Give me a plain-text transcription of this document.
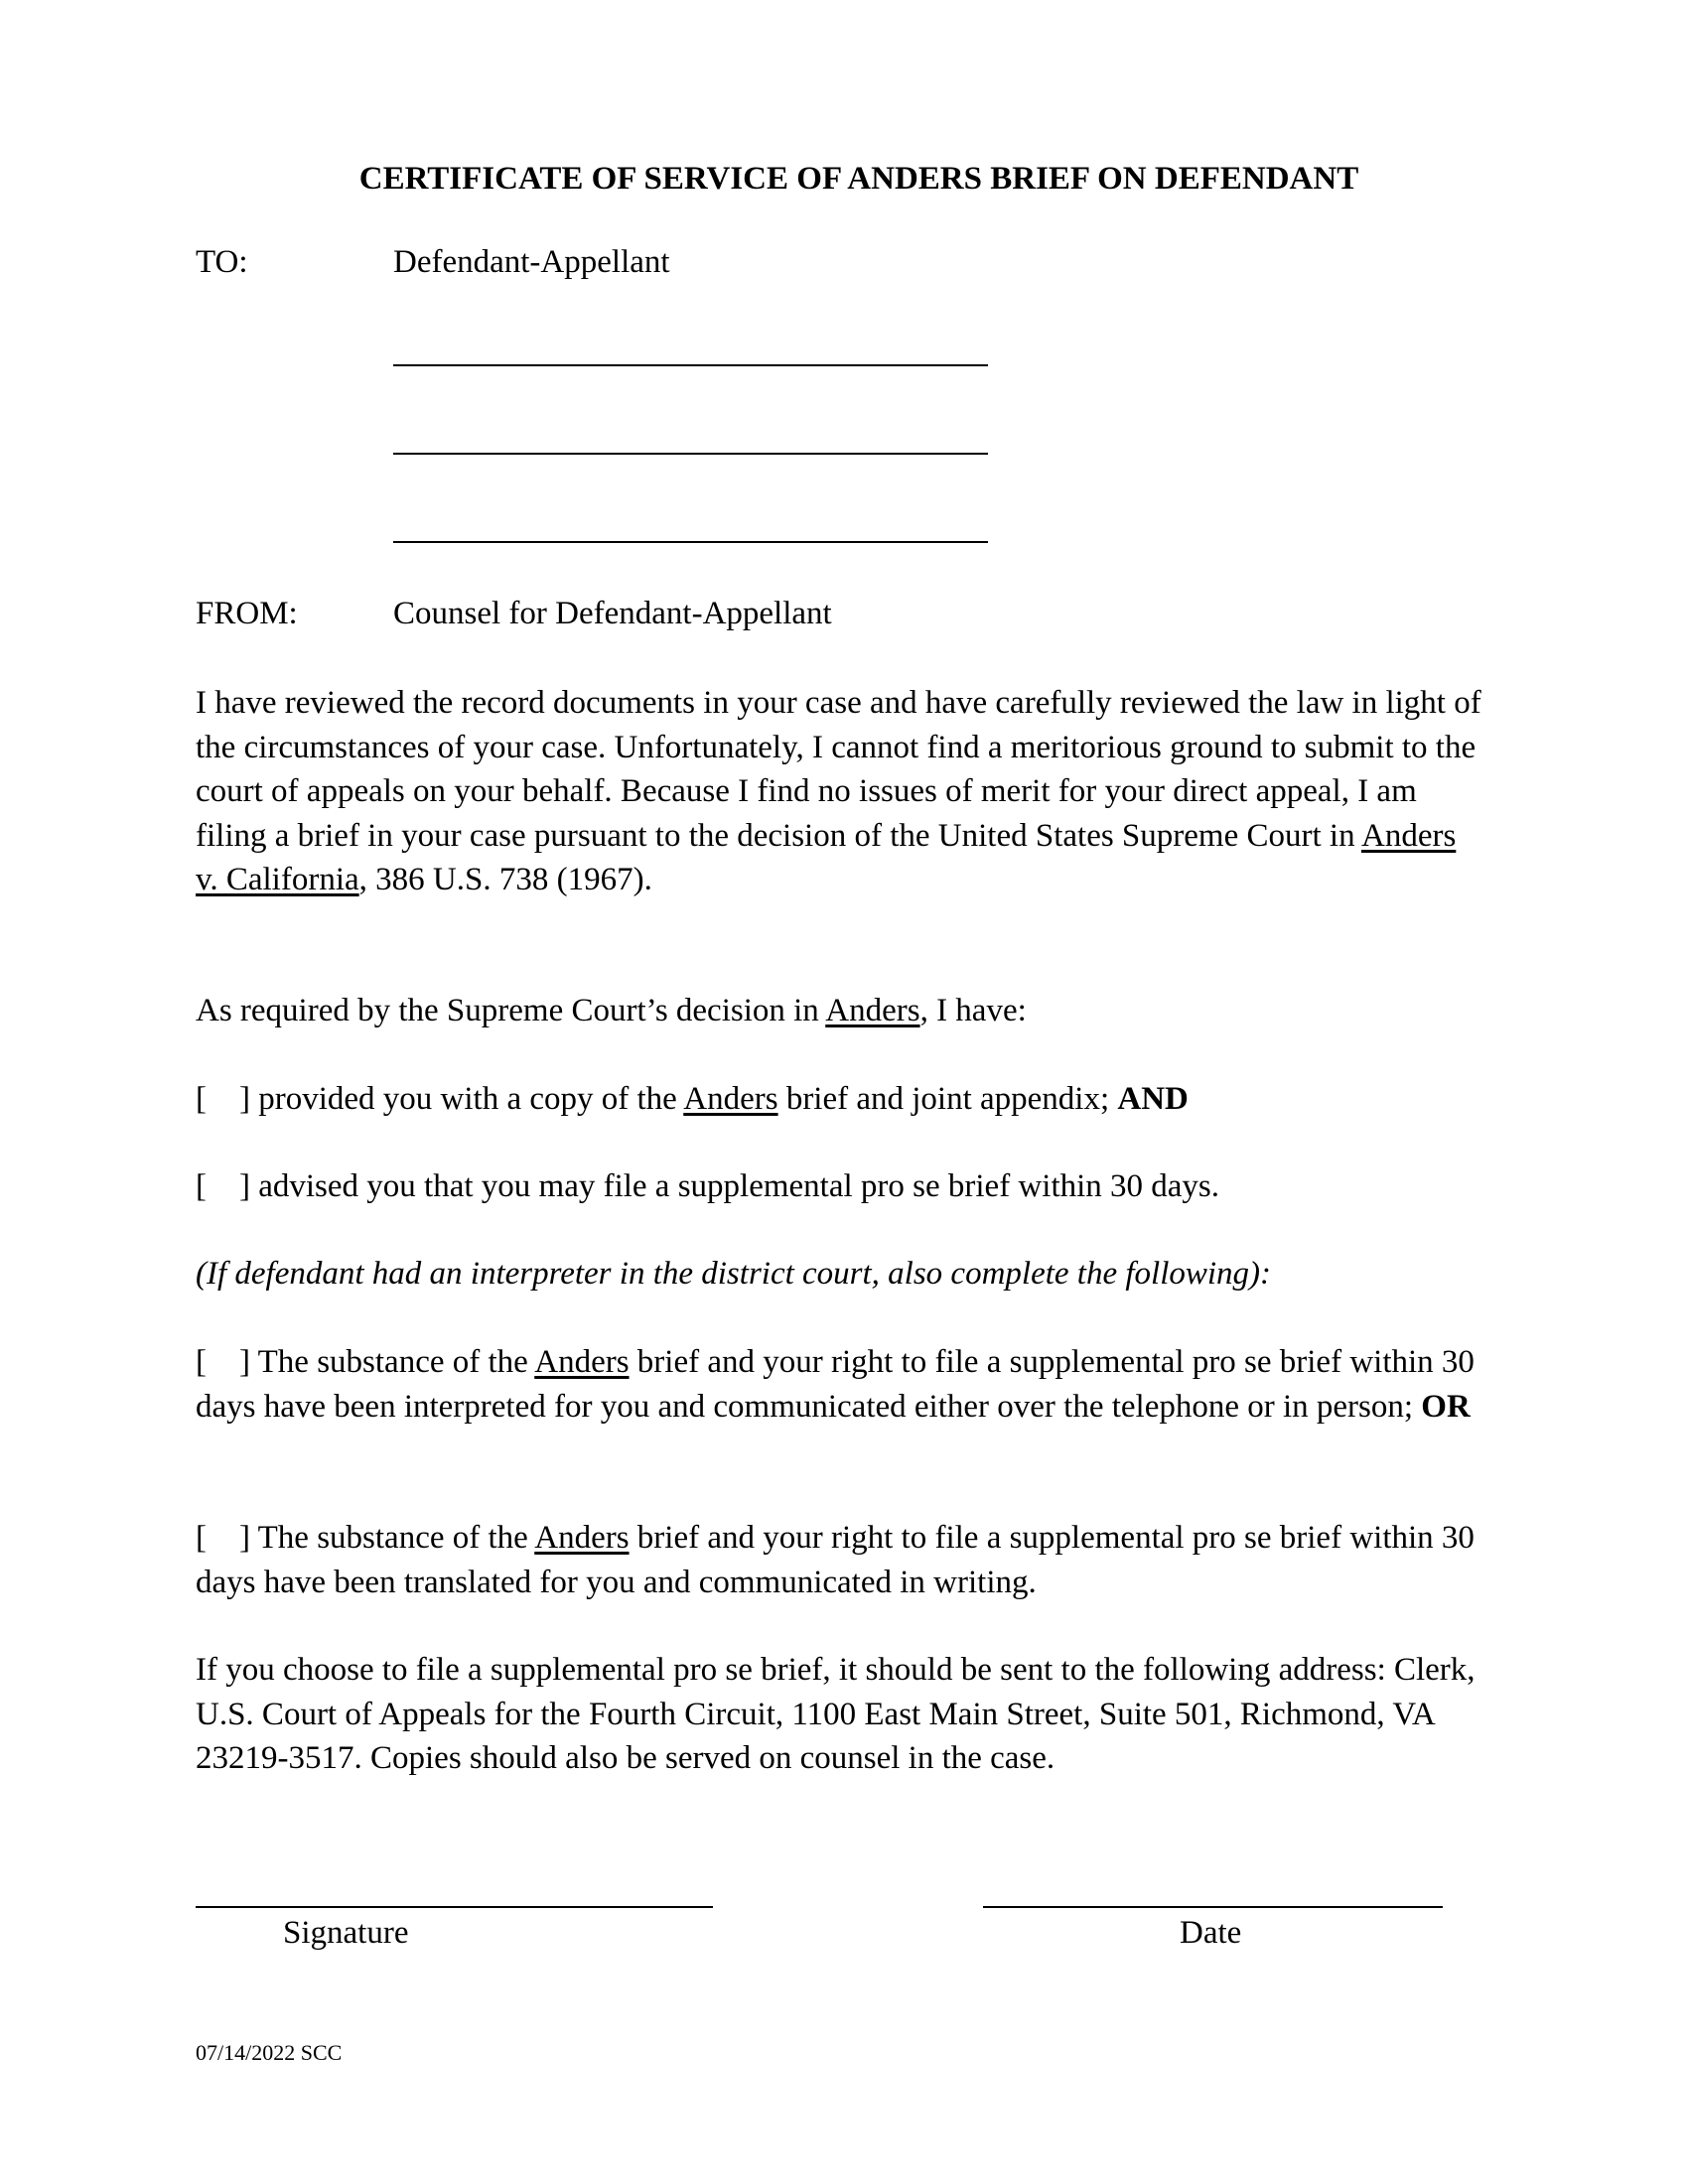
CERTIFICATE OF SERVICE OF ANDERS BRIEF ON DEFENDANT
TO:	Defendant-Appellant
FROM:	Counsel for Defendant-Appellant
I have reviewed the record documents in your case and have carefully reviewed the law in light of the circumstances of your case. Unfortunately, I cannot find a meritorious ground to submit to the court of appeals on your behalf. Because I find no issues of merit for your direct appeal, I am filing a brief in your case pursuant to the decision of the United States Supreme Court in Anders v. California, 386 U.S. 738 (1967).
As required by the Supreme Court’s decision in Anders, I have:
[    ] provided you with a copy of the Anders brief and joint appendix; AND
[    ] advised you that you may file a supplemental pro se brief within 30 days.
(If defendant had an interpreter in the district court, also complete the following):
[    ] The substance of the Anders brief and your right to file a supplemental pro se brief within 30 days have been interpreted for you and communicated either over the telephone or in person; OR
[    ] The substance of the Anders brief and your right to file a supplemental pro se brief within 30 days have been translated for you and communicated in writing.
If you choose to file a supplemental pro se brief, it should be sent to the following address: Clerk, U.S. Court of Appeals for the Fourth Circuit, 1100 East Main Street, Suite 501, Richmond, VA 23219-3517. Copies should also be served on counsel in the case.
Signature	Date
07/14/2022 SCC
